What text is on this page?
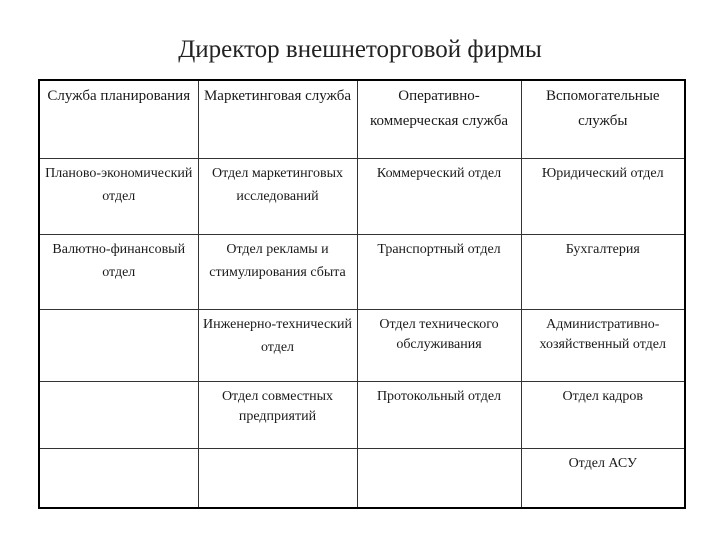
Директор внешнеторговой фирмы
Служба планирования	Маркетинговая служба	Оперативно-коммерческая служба	Вспомогательные службы
Планово-экономический отдел	Отдел маркетинговых исследований	Коммерческий отдел	Юридический отдел
Валютно-финансовый отдел	Отдел рекламы и стимулирования сбыта	Транспортный отдел	Бухгалтерия
	Инженерно-технический отдел	Отдел технического обслуживания	Административно-хозяйственный отдел
	Отдел совместных предприятий	Протокольный отдел	Отдел кадров
			Отдел АСУ
